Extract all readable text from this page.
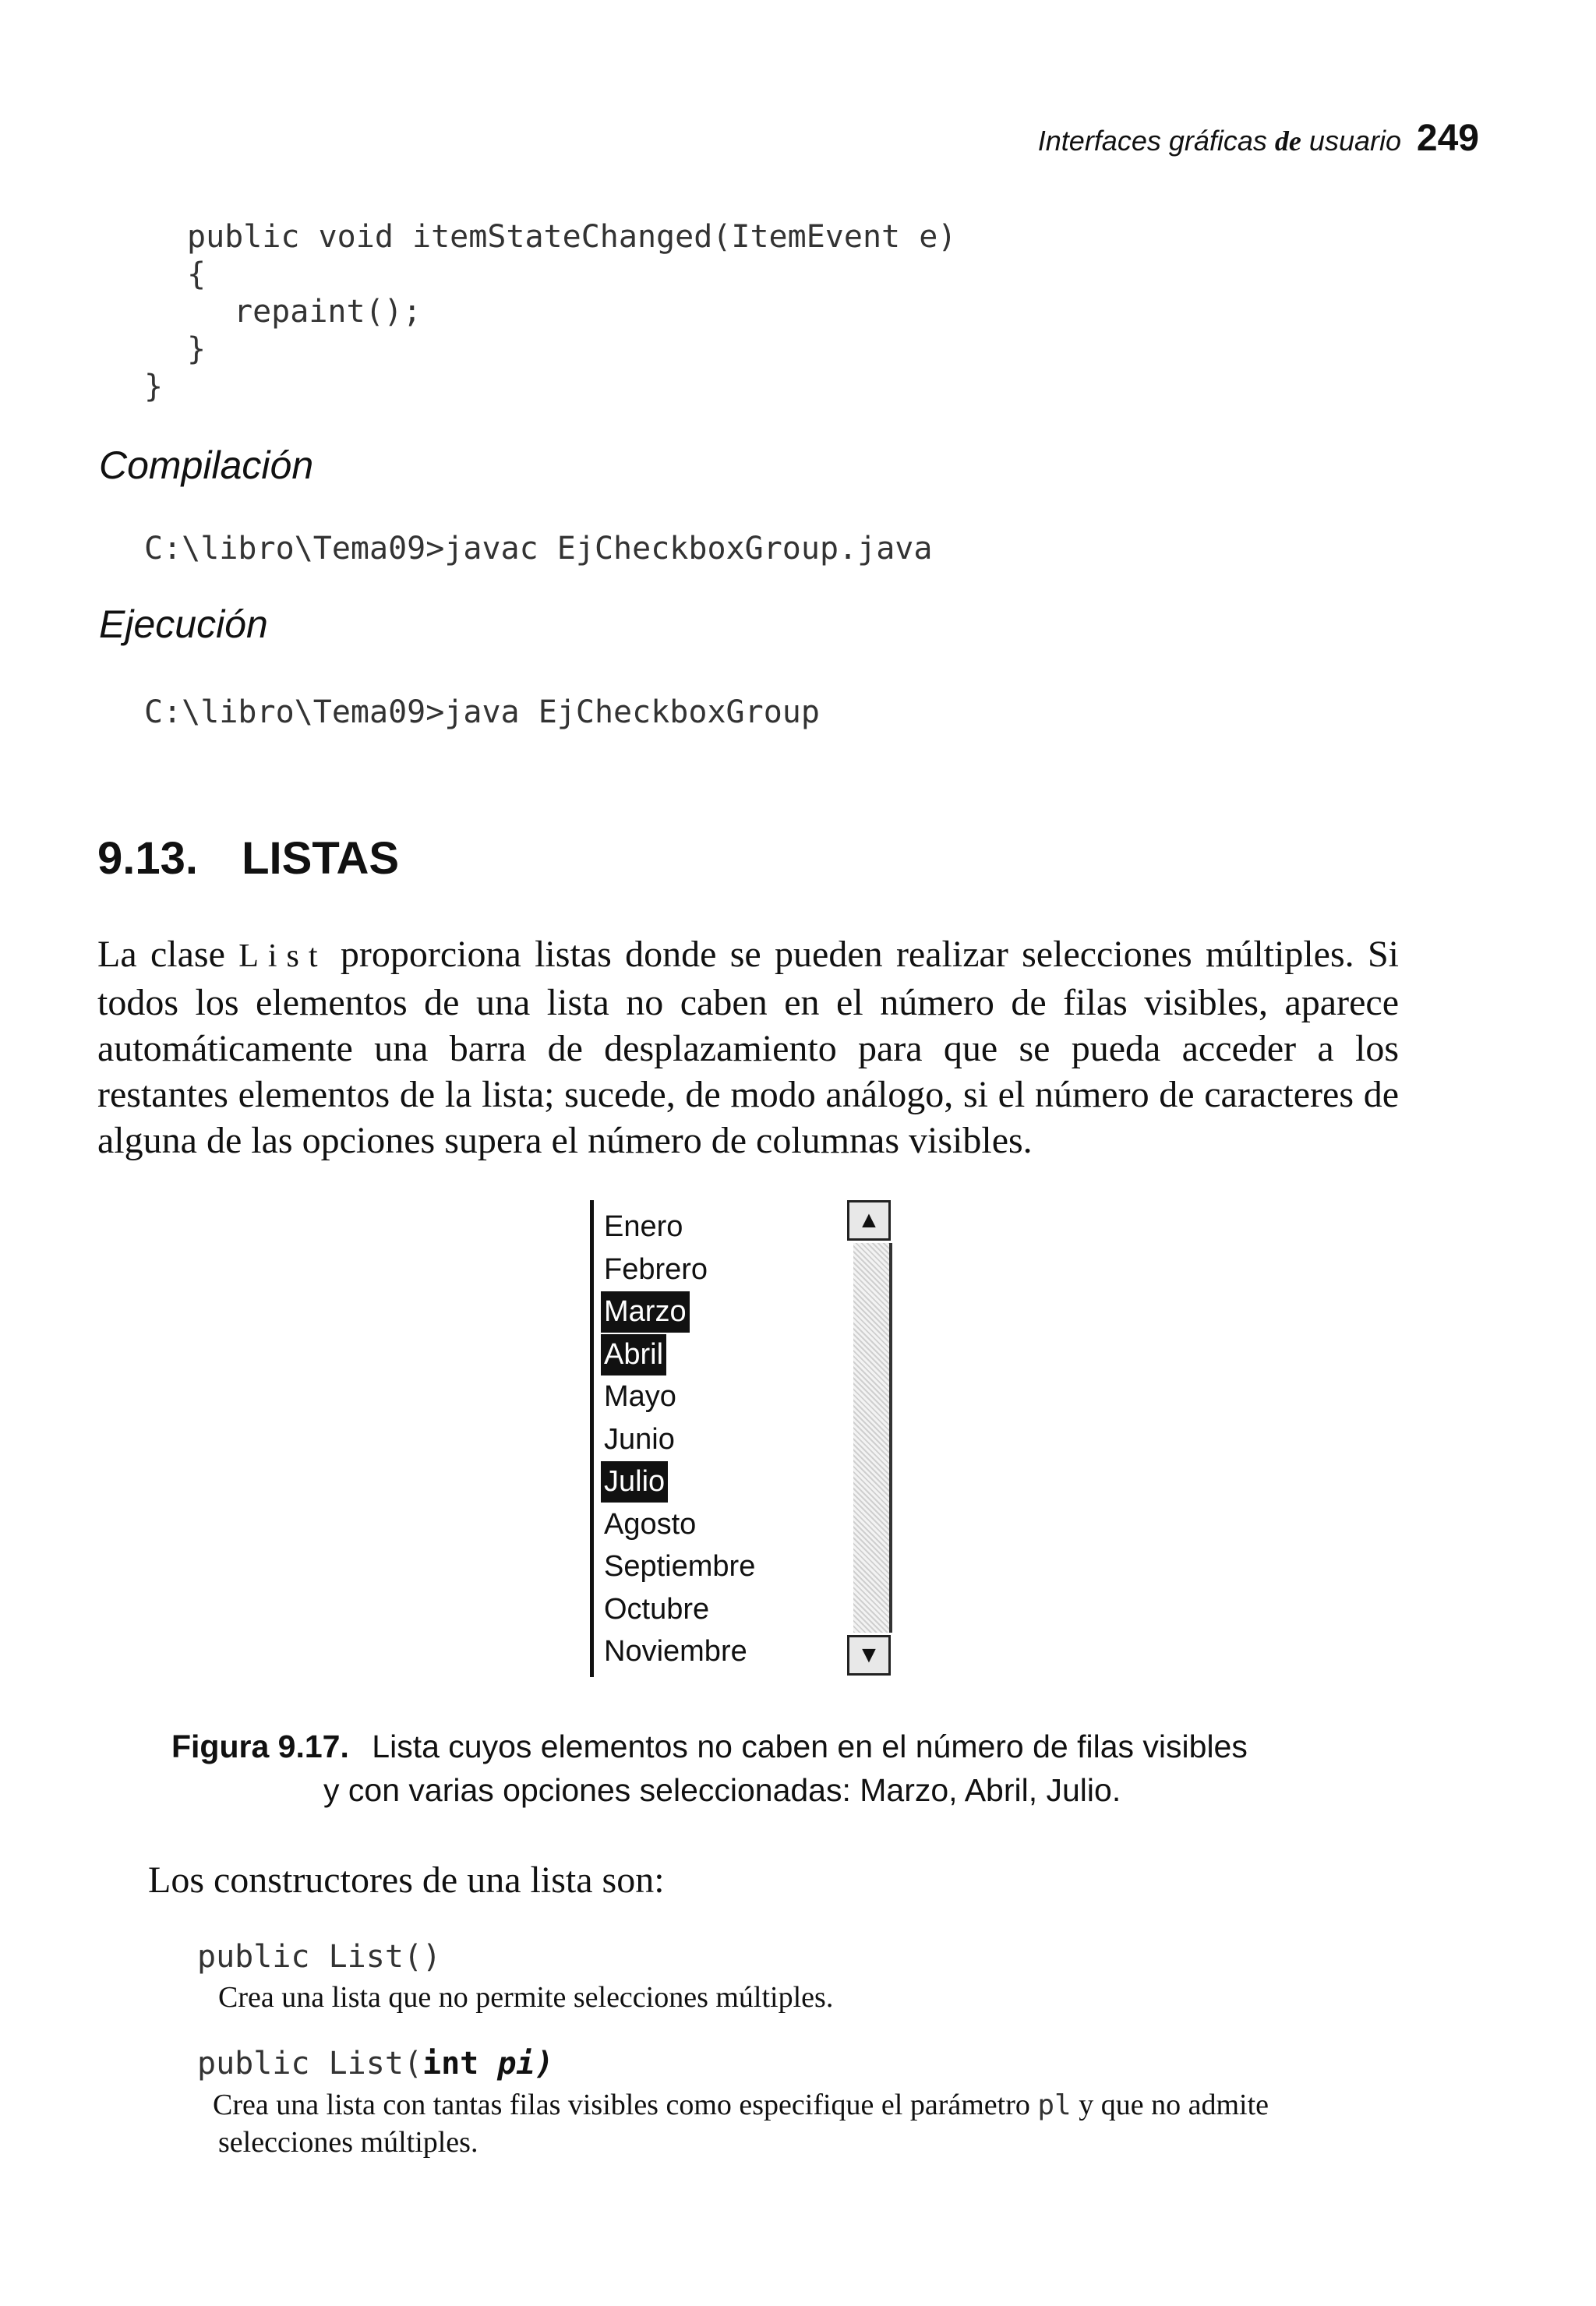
Interfaces gráficas de usuario 249
public void itemStateChanged(ItemEvent e)
{
repaint();
}
}
Compilación
C:\libro\Tema09>javac EjCheckboxGroup.java
Ejecución
C:\libro\Tema09>java EjCheckboxGroup
9.13. LISTAS
La clase List proporciona listas donde se pueden realizar selecciones múltiples. Si todos los elementos de una lista no caben en el número de filas visibles, aparece automáticamente una barra de desplazamiento para que se pueda acceder a los restantes elementos de la lista; sucede, de modo análogo, si el número de caracteres de alguna de las opciones supera el número de columnas visibles.
Enero
Febrero
Marzo
Abril
Mayo
Junio
Julio
Agosto
Septiembre
Octubre
Noviembre
▲
▼
Figura 9.17. Lista cuyos elementos no caben en el número de filas visibles
y con varias opciones seleccionadas: Marzo, Abril, Julio.
Los constructores de una lista son:
public List()
Crea una lista que no permite selecciones múltiples.
public List(int pi)
Crea una lista con tantas filas visibles como especifique el parámetro pl y que no admite
selecciones múltiples.
